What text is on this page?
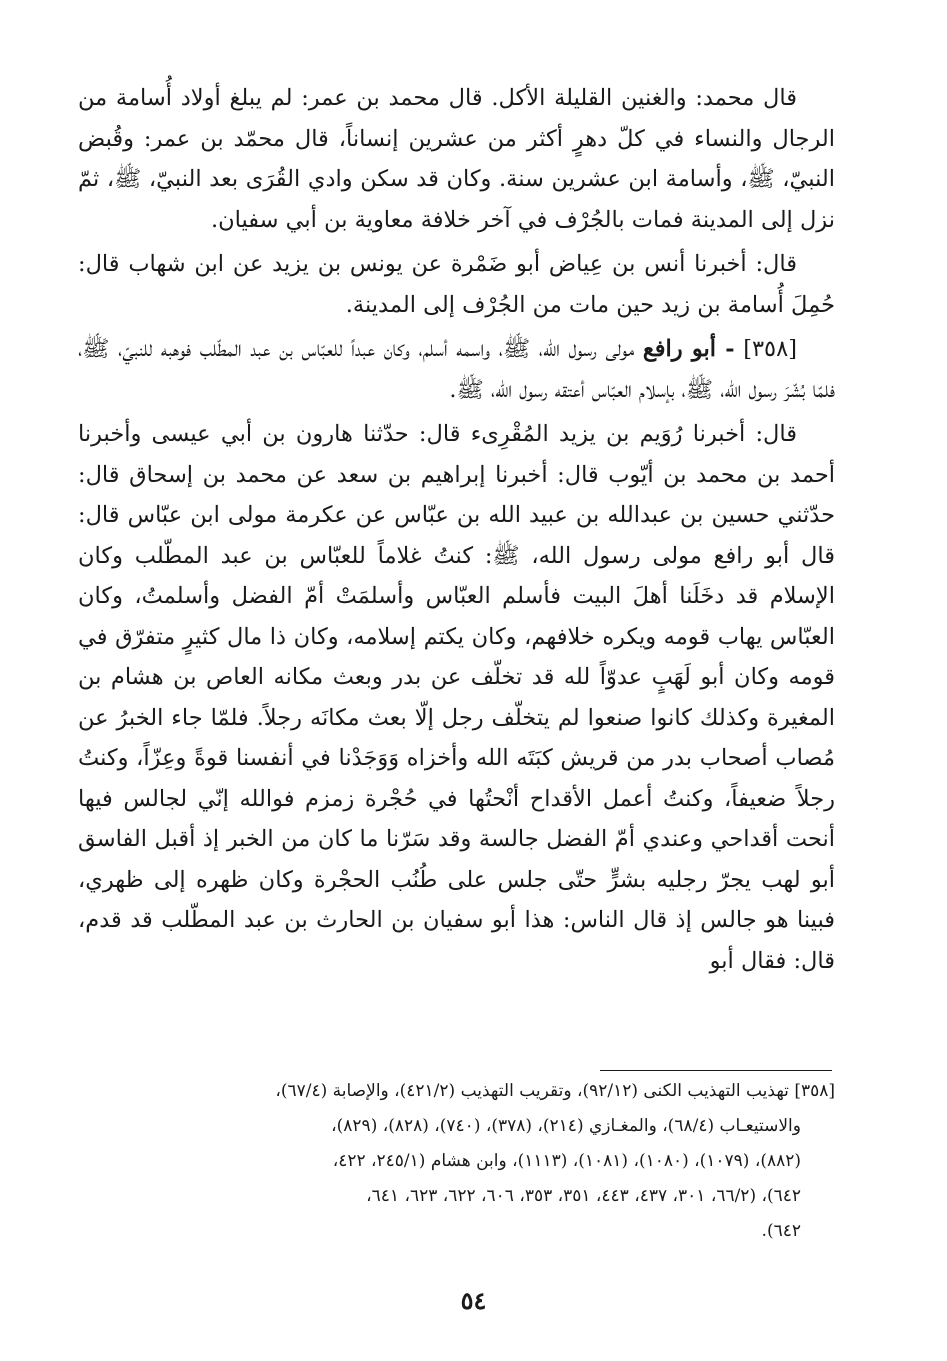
قال محمد: والغنين القليلة الأكل. قال محمد بن عمر: لم يبلغ أولاد أُسامة من الرجال والنساء في كلّ دهرٍ أكثر من عشرين إنساناً، قال محمّد بن عمر: وقُبض النبيّ، ﷺ، وأسامة ابن عشرين سنة. وكان قد سكن وادي القُرَى بعد النبيّ، ﷺ، ثمّ نزل إلى المدينة فمات بالجُرْف في آخر خلافة معاوية بن أبي سفيان.

قال: أخبرنا أنس بن عِياض أبو ضَمْرة عن يونس بن يزيد عن ابن شهاب قال: حُمِلَ أُسامة بن زيد حين مات من الجُرْف إلى المدينة.

[٣٥٨] - أبو رافع مولى رسول الله، ﷺ، واسمه أسلم، وكان عبداً للعبّاس بن عبد المطّلب فوهبه للنبيّ، ﷺ، فلمّا بُشّرَ رسول الله، ﷺ، بإسلام العبّاس أعتقه رسول الله، ﷺ.

قال: أخبرنا رُوَيم بن يزيد المُقْرِىء قال: حدّثنا هارون بن أبي عيسى وأخبرنا أحمد بن محمد بن أيّوب قال: أخبرنا إبراهيم بن سعد عن محمد بن إسحاق قال: حدّثني حسين بن عبدالله بن عبيد الله بن عبّاس عن عكرمة مولى ابن عبّاس قال: قال أبو رافع مولى رسول الله، ﷺ: كنتُ غلاماً للعبّاس بن عبد المطّلب وكان الإسلام قد دخَلَنا أهلَ البيت فأسلم العبّاس وأسلمَتْ أمّ الفضل وأسلمتُ، وكان العبّاس يهاب قومه ويكره خلافهم، وكان يكتم إسلامه، وكان ذا مال كثيرٍ متفرّق في قومه وكان أبو لَهَبٍ عدوّاً لله قد تخلّف عن بدر وبعث مكانه العاص بن هشام بن المغيرة وكذلك كانوا صنعوا لم يتخلّف رجل إلّا بعث مكانَه رجلاً. فلمّا جاء الخبرُ عن مُصاب أصحاب بدر من قريش كبَتَه الله وأخزاه وَوَجَدْنا في أنفسنا قوةً وعِزّاً، وكنتُ رجلاً ضعيفاً، وكنتُ أعمل الأقداح أنْحتُها في حُجْرة زمزم فوالله إنّي لجالس فيها أنحت أقداحي وعندي أمّ الفضل جالسة وقد سَرّنا ما كان من الخبر إذ أقبل الفاسق أبو لهب يجرّ رجليه بشرٍّ حتّى جلس على طُنُب الحجْرة وكان ظهره إلى ظهري، فبينا هو جالس إذ قال الناس: هذا أبو سفيان بن الحارث بن عبد المطّلب قد قدم، قال: فقال أبو

[٣٥٨] تهذيب التهذيب الكنى (٩٢/١٢)، وتقريب التهذيب (٤٢١/٢)، والإصابة (٦٧/٤)،

والاستيعـاب (٦٨/٤)، والمغـازي (٢١٤)، (٣٧٨)، (٧٤٠)، (٨٢٨)، (٨٢٩)،

(٨٨٢)، (١٠٧٩)، (١٠٨٠)، (١٠٨١)، (١١١٣)، وابن هشام (٢٤٥/١، ٤٢٢،

٦٤٢)، (٦٦/٢، ٣٠١، ٤٣٧، ٤٤٣، ٣٥١، ٣٥٣، ٦٠٦، ٦٢٢، ٦٢٣، ٦٤١،

٦٤٢).

٥٤
